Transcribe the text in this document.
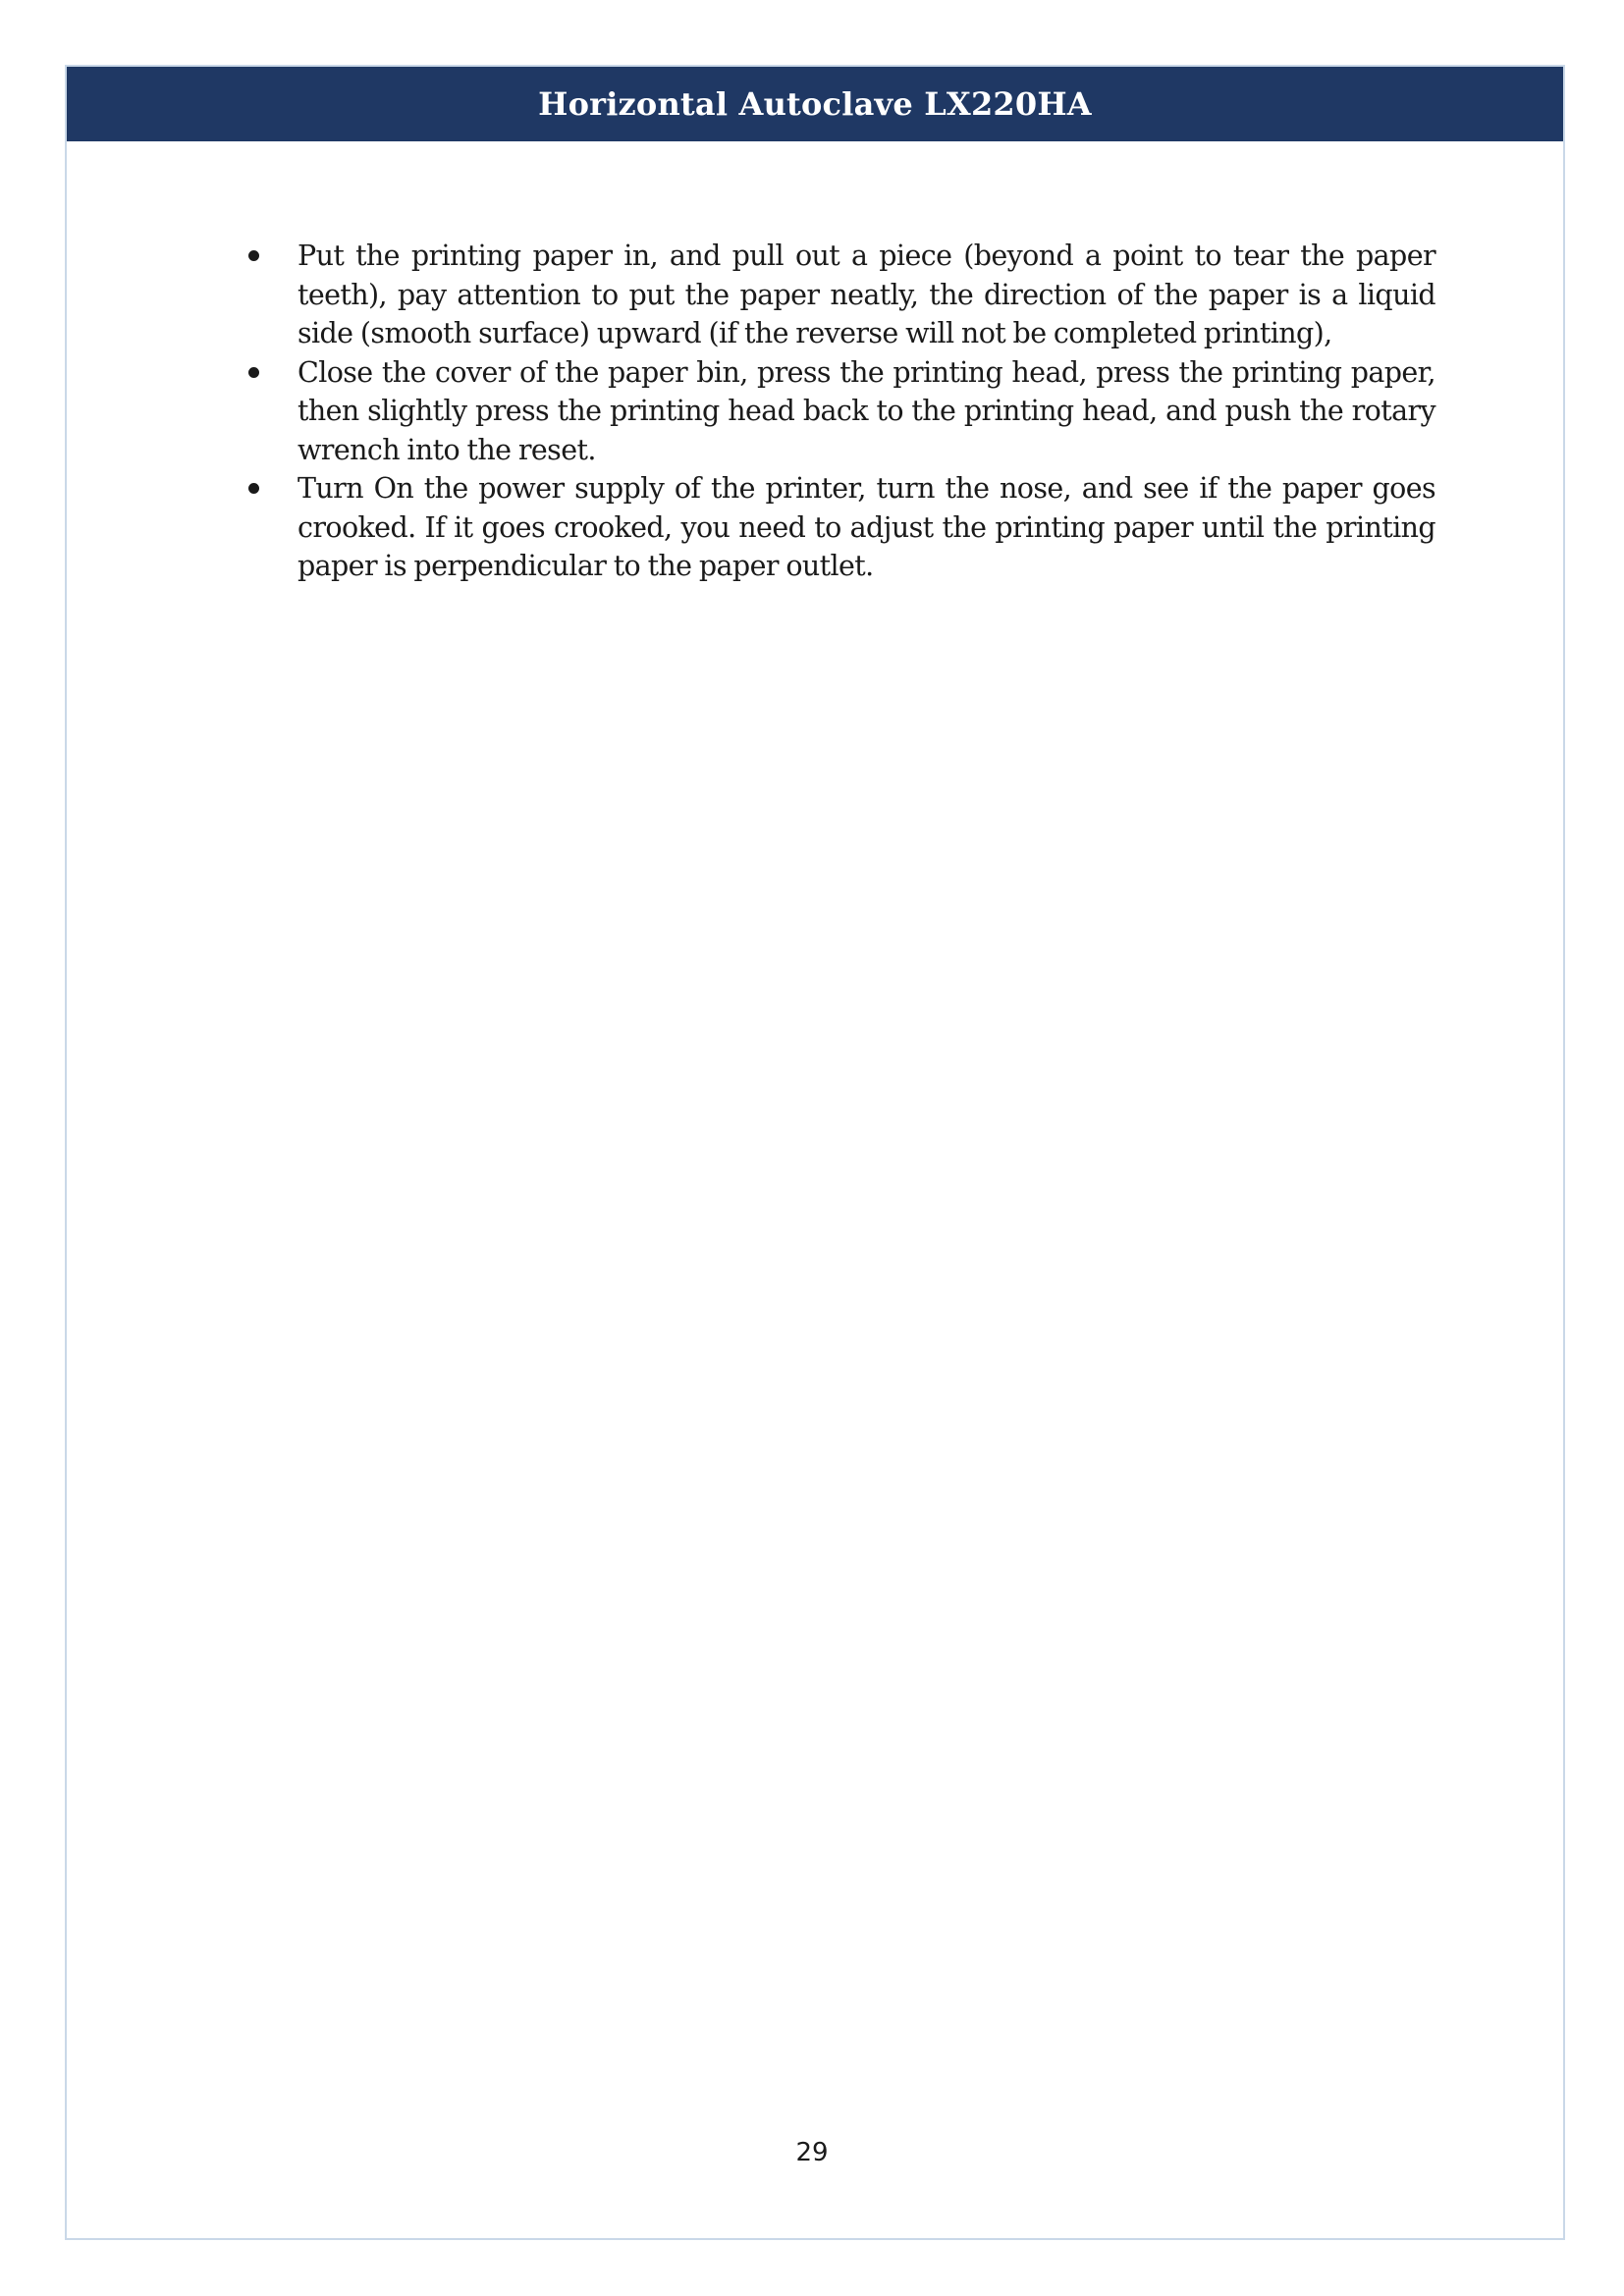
Horizontal Autoclave LX220HA
Put the printing paper in, and pull out a piece (beyond a point to tear the paper teeth), pay attention to put the paper neatly, the direction of the paper is a liquid side (smooth surface) upward (if the reverse will not be completed printing),
Close the cover of the paper bin, press the printing head, press the printing paper, then slightly press the printing head back to the printing head, and push the rotary wrench into the reset.
Turn On the power supply of the printer, turn the nose, and see if the paper goes crooked. If it goes crooked, you need to adjust the printing paper until the printing paper is perpendicular to the paper outlet.
29
